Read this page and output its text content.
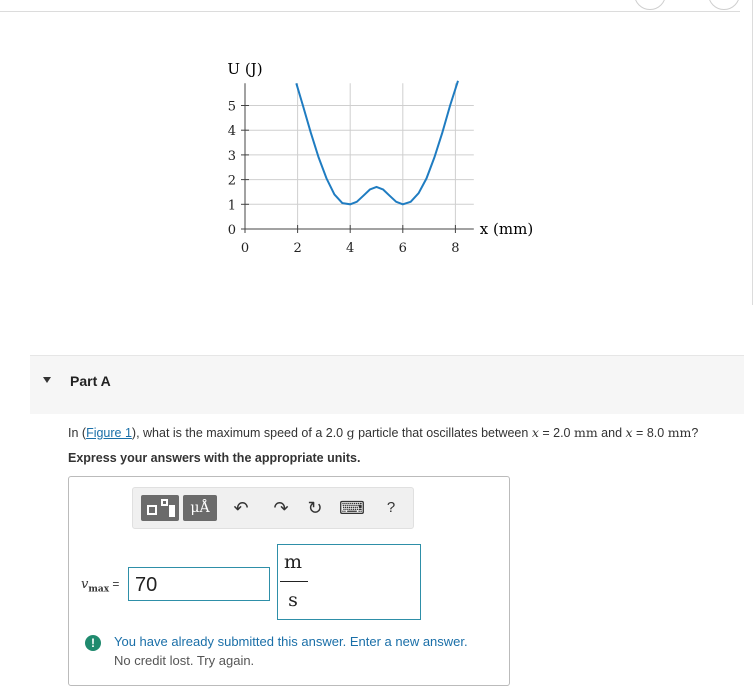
0
1
2
3
4
5
0	2	4	6	8
U (J)
x (mm)
Part A
In (Figure 1), what is the maximum speed of a 2.0 g particle that oscillates between x = 2.0 mm and x = 8.0 mm?
Express your answers with the appropriate units.
μÅ	↶ ↷ ↻ ⌨	?
$v_{max} = 70$
m
s
!	You have already submitted this answer. Enter a new answer.
No credit lost. Try again.
